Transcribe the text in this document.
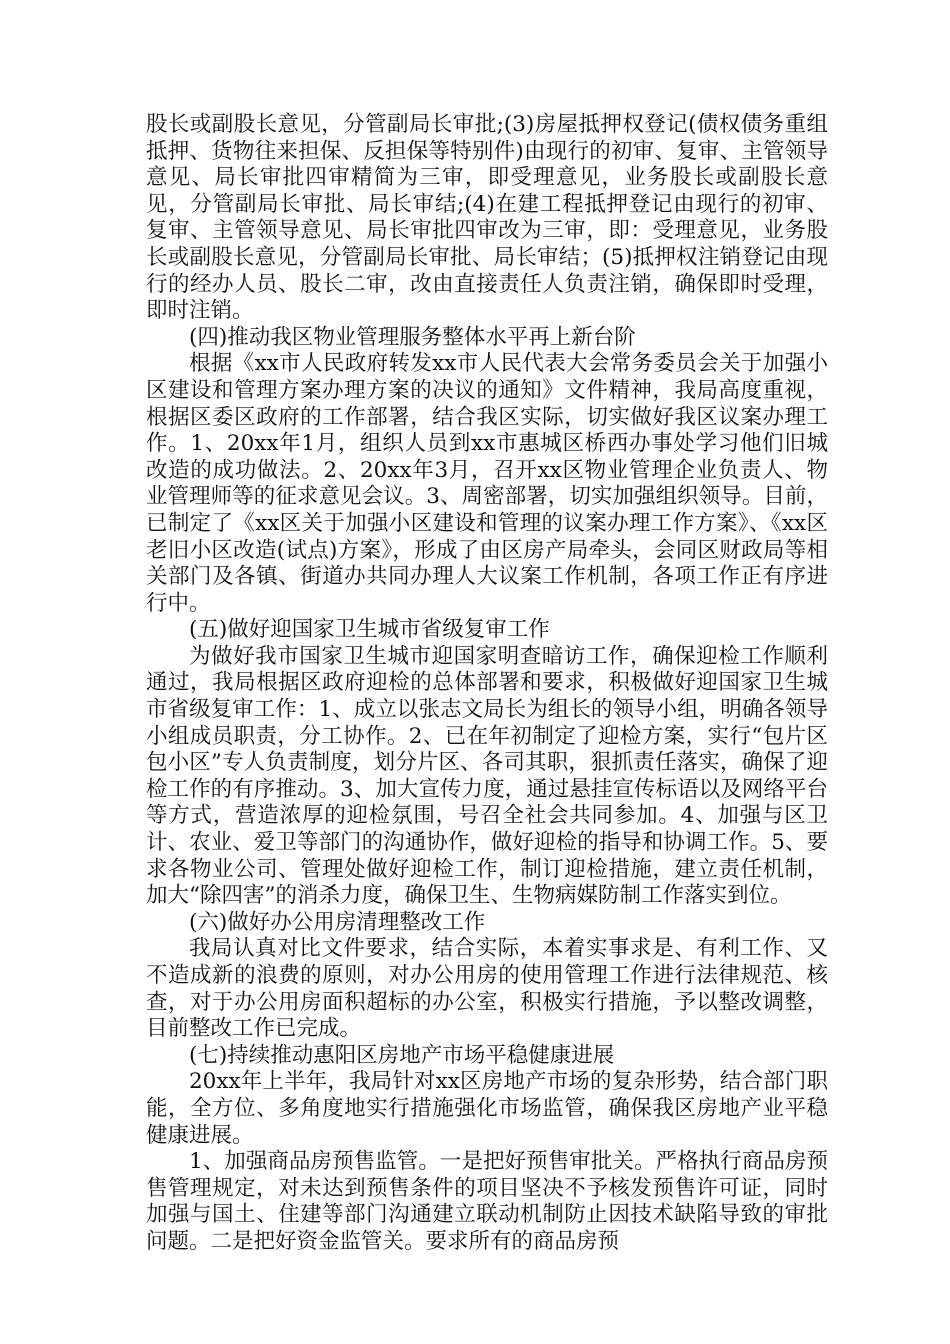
股长或副股长意见，分管副局长审批;(3)房屋抵押权登记(债权债务重组抵押、货物往来担保、反担保等特别件)由现行的初审、复审、主管领导意见、局长审批四审精简为三审，即受理意见，业务股长或副股长意见，分管副局长审批、局长审结;(4)在建工程抵押登记由现行的初审、复审、主管领导意见、局长审批四审改为三审，即：受理意见，业务股长或副股长意见，分管副局长审批、局长审结；(5)抵押权注销登记由现行的经办人员、股长二审，改由直接责任人负责注销，确保即时受理，即时注销。

(四)推动我区物业管理服务整体水平再上新台阶

根据《xx市人民政府转发xx市人民代表大会常务委员会关于加强小区建设和管理方案办理方案的决议的通知》文件精神，我局高度重视，根据区委区政府的工作部署，结合我区实际，切实做好我区议案办理工作。1、20xx年1月，组织人员到xx市惠城区桥西办事处学习他们旧城改造的成功做法。2、20xx年3月，召开xx区物业管理企业负责人、物业管理师等的征求意见会议。3、周密部署，切实加强组织领导。目前，已制定了《xx区关于加强小区建设和管理的议案办理工作方案》、《xx区老旧小区改造(试点)方案》，形成了由区房产局牵头，会同区财政局等相关部门及各镇、街道办共同办理人大议案工作机制，各项工作正有序进行中。

(五)做好迎国家卫生城市省级复审工作

为做好我市国家卫生城市迎国家明查暗访工作，确保迎检工作顺利通过，我局根据区政府迎检的总体部署和要求，积极做好迎国家卫生城市省级复审工作：1、成立以张志文局长为组长的领导小组，明确各领导小组成员职责，分工协作。2、已在年初制定了迎检方案，实行“包片区包小区”专人负责制度，划分片区、各司其职，狠抓责任落实，确保了迎检工作的有序推动。3、加大宣传力度，通过悬挂宣传标语以及网络平台等方式，营造浓厚的迎检氛围，号召全社会共同参加。4、加强与区卫计、农业、爱卫等部门的沟通协作，做好迎检的指导和协调工作。5、要求各物业公司、管理处做好迎检工作，制订迎检措施，建立责任机制，加大“除四害”的消杀力度，确保卫生、生物病媒防制工作落实到位。

(六)做好办公用房清理整改工作

我局认真对比文件要求，结合实际，本着实事求是、有利工作、又不造成新的浪费的原则，对办公用房的使用管理工作进行法律规范、核查，对于办公用房面积超标的办公室，积极实行措施，予以整改调整，目前整改工作已完成。

(七)持续推动惠阳区房地产市场平稳健康进展

20xx年上半年，我局针对xx区房地产市场的复杂形势，结合部门职能，全方位、多角度地实行措施强化市场监管，确保我区房地产业平稳健康进展。

1、加强商品房预售监管。一是把好预售审批关。严格执行商品房预售管理规定，对未达到预售条件的项目坚决不予核发预售许可证，同时加强与国土、住建等部门沟通建立联动机制防止因技术缺陷导致的审批问题。二是把好资金监管关。要求所有的商品房预
